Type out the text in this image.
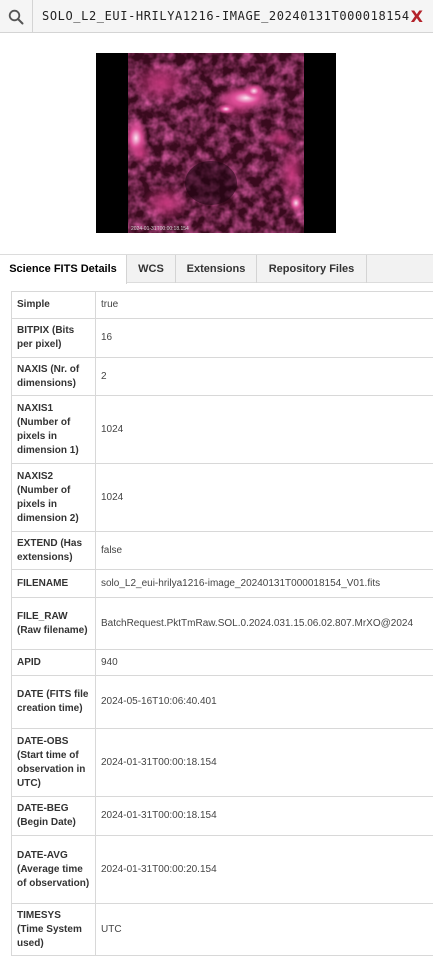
SOLO_L2_EUI-HRILYA1216-IMAGE_20240131T000018154 X
2024-01-31T00:00:18.154
Science FITS Details	WCS	Extensions	Repository Files
Simple	true
BITPIX (Bits per pixel)	16
NAXIS (Nr. of dimensions)	2
NAXIS1 (Number of pixels in dimension 1)	1024
NAXIS2 (Number of pixels in dimension 2)	1024
EXTEND (Has extensions)	false
FILENAME	solo_L2_eui-hrilya1216-image_20240131T000018154_V01.fits
FILE_RAW (Raw filename)	BatchRequest.PktTmRaw.SOL.0.2024.031.15.06.02.807.MrXO@2024
APID	940
DATE (FITS file creation time)	2024-05-16T10:06:40.401
DATE-OBS (Start time of observation in UTC)	2024-01-31T00:00:18.154
DATE-BEG (Begin Date)	2024-01-31T00:00:18.154
DATE-AVG (Average time of observation)	2024-01-31T00:00:20.154
TIMESYS (Time System used)	UTC
